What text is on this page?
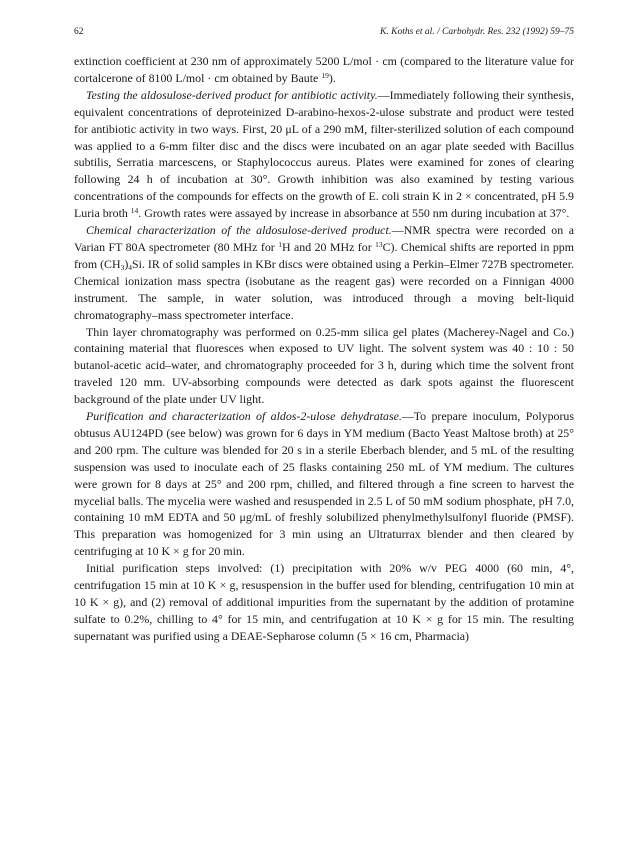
62	K. Koths et al. / Carbohydr. Res. 232 (1992) 59–75

extinction coefficient at 230 nm of approximately 5200 L/mol · cm (compared to the literature value for cortalcerone of 8100 L/mol · cm obtained by Baute $^{19}$).

Testing the aldosulose-derived product for antibiotic activity.—Immediately following their synthesis, equivalent concentrations of deproteinized D-arabino-hexos-2-ulose substrate and product were tested for antibiotic activity in two ways. First, 20 μL of a 290 mM, filter-sterilized solution of each compound was applied to a 6-mm filter disc and the discs were incubated on an agar plate seeded with Bacillus subtilis, Serratia marcescens, or Staphylococcus aureus. Plates were examined for zones of clearing following 24 h of incubation at 30°. Growth inhibition was also examined by testing various concentrations of the compounds for effects on the growth of E. coli strain K in 2 × concentrated, pH 5.9 Luria broth $^{14}$. Growth rates were assayed by increase in absorbance at 550 nm during incubation at 37°.

Chemical characterization of the aldosulose-derived product.—NMR spectra were recorded on a Varian FT 80A spectrometer (80 MHz for $^1$H and 20 MHz for $^{13}$C). Chemical shifts are reported in ppm from $(CH_3)_4Si$. IR of solid samples in KBr discs were obtained using a Perkin–Elmer 727B spectrometer. Chemical ionization mass spectra (isobutane as the reagent gas) were recorded on a Finnigan 4000 instrument. The sample, in water solution, was introduced through a moving belt-liquid chromatography–mass spectrometer interface.

Thin layer chromatography was performed on 0.25-mm silica gel plates (Macherey-Nagel and Co.) containing material that fluoresces when exposed to UV light. The solvent system was 40 : 10 : 50 butanol-acetic acid–water, and chromatography proceeded for 3 h, during which time the solvent front traveled 120 mm. UV-absorbing compounds were detected as dark spots against the fluorescent background of the plate under UV light.

Purification and characterization of aldos-2-ulose dehydratase.—To prepare inoculum, Polyporus obtusus AU124PD (see below) was grown for 6 days in YM medium (Bacto Yeast Maltose broth) at 25° and 200 rpm. The culture was blended for 20 s in a sterile Eberbach blender, and 5 mL of the resulting suspension was used to inoculate each of 25 flasks containing 250 mL of YM medium. The cultures were grown for 8 days at 25° and 200 rpm, chilled, and filtered through a fine screen to harvest the mycelial balls. The mycelia were washed and resuspended in 2.5 L of 50 mM sodium phosphate, pH 7.0, containing 10 mM EDTA and 50 μg/mL of freshly solubilized phenylmethylsulfonyl fluoride (PMSF). This preparation was homogenized for 3 min using an Ultraturrax blender and then cleared by centrifuging at 10 K × g for 20 min.

Initial purification steps involved: (1) precipitation with 20% w/v PEG 4000 (60 min, 4°, centrifugation 15 min at 10 K × g, resuspension in the buffer used for blending, centrifugation 10 min at 10 K × g), and (2) removal of additional impurities from the supernatant by the addition of protamine sulfate to 0.2%, chilling to 4° for 15 min, and centrifugation at 10 K × g for 15 min. The resulting supernatant was purified using a DEAE-Sepharose column (5 × 16 cm, Pharmacia)
